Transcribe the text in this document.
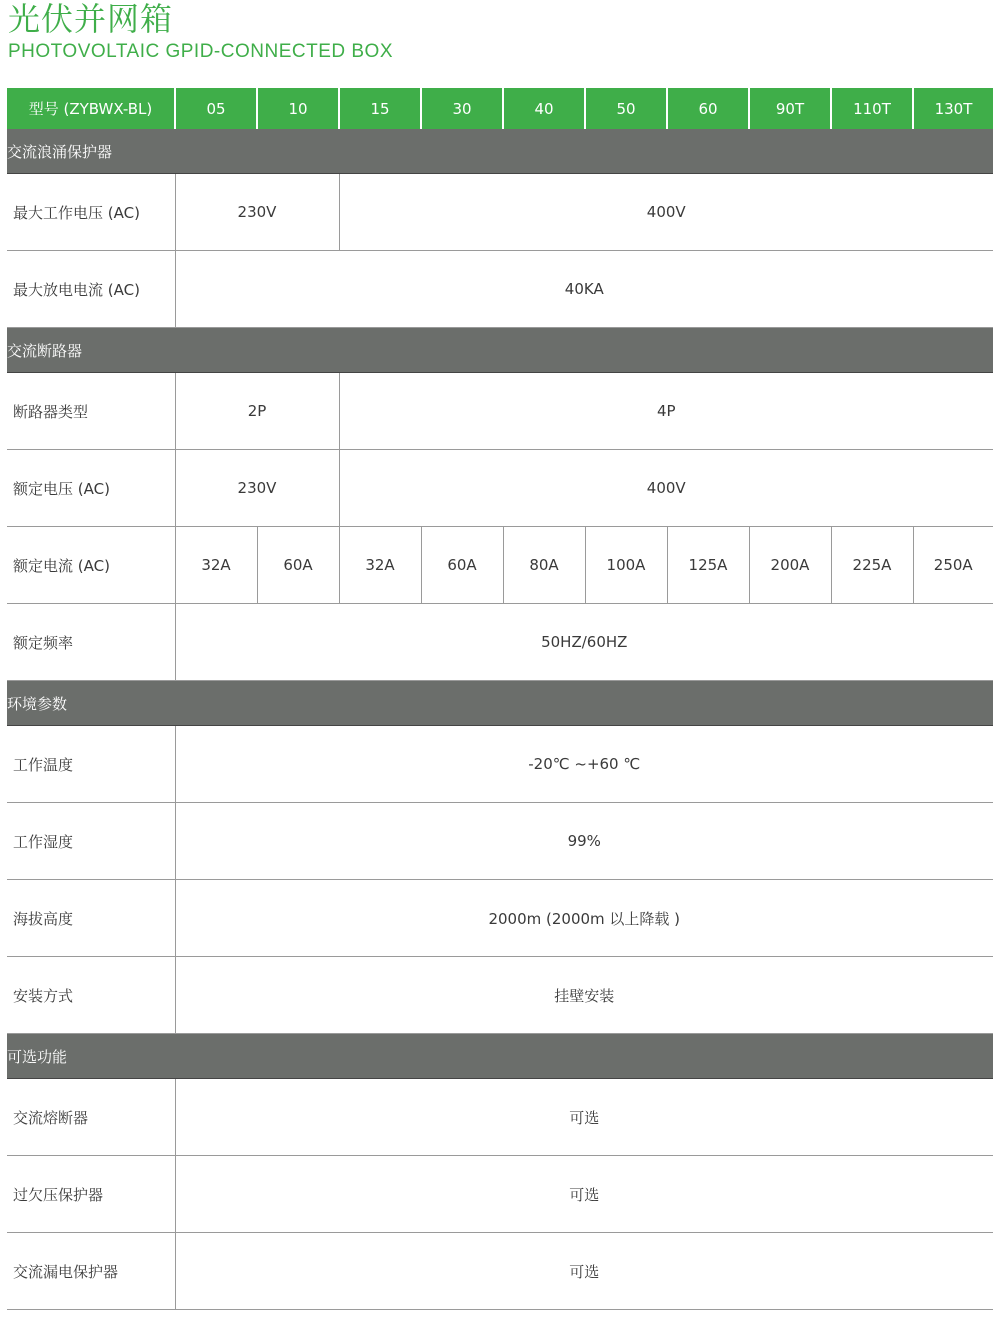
光伏并网箱
PHOTOVOLTAIC GPID-CONNECTED BOX
型号 (ZYBWX-BL)	05	10	15	30	40	50	60	90T	110T	130T
交流浪涌保护器										
最大工作电压 (AC)	230V		400V							
最大放电电流 (AC)	40KA									
交流断路器										
断路器类型	2P		4P							
额定电压 (AC)	230V		400V							
额定电流 (AC)	32A	60A	32A	60A	80A	100A	125A	200A	225A	250A
额定频率	50HZ/60HZ									
环境参数										
工作温度	-20℃ ~+60 ℃									
工作湿度	99%									
海拔高度	2000m (2000m 以上降载 )									
安装方式	挂壁安装									
可选功能										
交流熔断器	可选									
过欠压保护器	可选									
交流漏电保护器	可选									
